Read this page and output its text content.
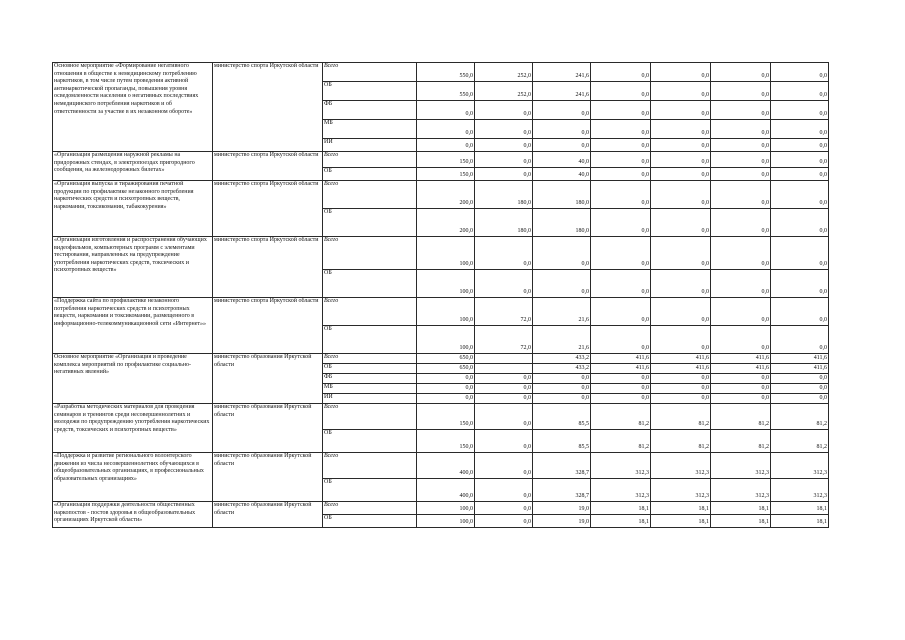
Основное мероприятие «Формирование негативного отношения в обществе к немедицинскому потреблению наркотиков, в том числе путем проведения активной антинаркотической пропаганды, повышения уровня осведомленности населения о негативных последствиях немедицинского потребления наркотиков и об ответственности за участие в их незаконном обороте»	министерство спорта Иркутской области	Всего	550,0	252,0	241,6	0,0	0,0	0,0	0,0
		ОБ	550,0	252,0	241,6	0,0	0,0	0,0	0,0
		ФБ	0,0	0,0	0,0	0,0	0,0	0,0	0,0
		МБ	0,0	0,0	0,0	0,0	0,0	0,0	0,0
		ИИ	0,0	0,0	0,0	0,0	0,0	0,0	0,0
«Организация размещения наружной рекламы на придорожных стендах, в электропоездах пригородного сообщения, на железнодорожных билетах»	министерство спорта Иркутской области	Всего	150,0	0,0	40,0	0,0	0,0	0,0	0,0
		ОБ	150,0	0,0	40,0	0,0	0,0	0,0	0,0
«Организация выпуска и тиражирования печатной продукции по профилактике незаконного потребления наркотических средств и психотропных веществ, наркомании, токсикомании, табакокурения»	министерство спорта Иркутской области	Всего	200,0	180,0	180,0	0,0	0,0	0,0	0,0
		ОБ	200,0	180,0	180,0	0,0	0,0	0,0	0,0
«Организация изготовления и распространения обучающих видеофильмов, компьютерных программ с элементами тестирования, направленных на предупреждение употребления наркотических средств, токсических и психотропных веществ»	министерство спорта Иркутской области	Всего	100,0	0,0	0,0	0,0	0,0	0,0	0,0
		ОБ	100,0	0,0	0,0	0,0	0,0	0,0	0,0
«Поддержка сайта по профилактике незаконного потребления наркотических средств и психотропных веществ, наркомании и токсикомании, размещенного в информационно-телекоммуникационной сети «Интернет»»	министерство спорта Иркутской области	Всего	100,0	72,0	21,6	0,0	0,0	0,0	0,0
		ОБ	100,0	72,0	21,6	0,0	0,0	0,0	0,0
Основное мероприятие «Организация и проведение комплекса мероприятий по профилактике социально-негативных явлений»	министерство образования Иркутской области	Всего	650,0		433,2	411,6	411,6	411,6	411,6
		ОБ	650,0		433,2	411,6	411,6	411,6	411,6
		ФБ	0,0	0,0	0,0	0,0	0,0	0,0	0,0
		МБ	0,0	0,0	0,0	0,0	0,0	0,0	0,0
		ИИ	0,0	0,0	0,0	0,0	0,0	0,0	0,0
«Разработка методических материалов для проведения семинаров и тренингов среди несовершеннолетних и молодежи по предупреждению употребления наркотических средств, токсических и психотропных веществ»	министерство образования Иркутской области	Всего	150,0	0,0	85,5	81,2	81,2	81,2	81,2
		ОБ	150,0	0,0	85,5	81,2	81,2	81,2	81,2
«Поддержка и развитие регионального волонтерского движения из числа несовершеннолетних обучающихся в общеобразовательных организациях, в профессиональных образовательных организациях»	министерство образования Иркутской области	Всего	400,0	0,0	328,7	312,3	312,3	312,3	312,3
		ОБ	400,0	0,0	328,7	312,3	312,3	312,3	312,3
«Организация поддержки деятельности общественных наркопостов - постов здоровья в общеобразовательных организациях Иркутской области»	министерство образования Иркутской области	Всего	100,0	0,0	19,0	18,1	18,1	18,1	18,1
		ОБ	100,0	0,0	19,0	18,1	18,1	18,1	18,1
